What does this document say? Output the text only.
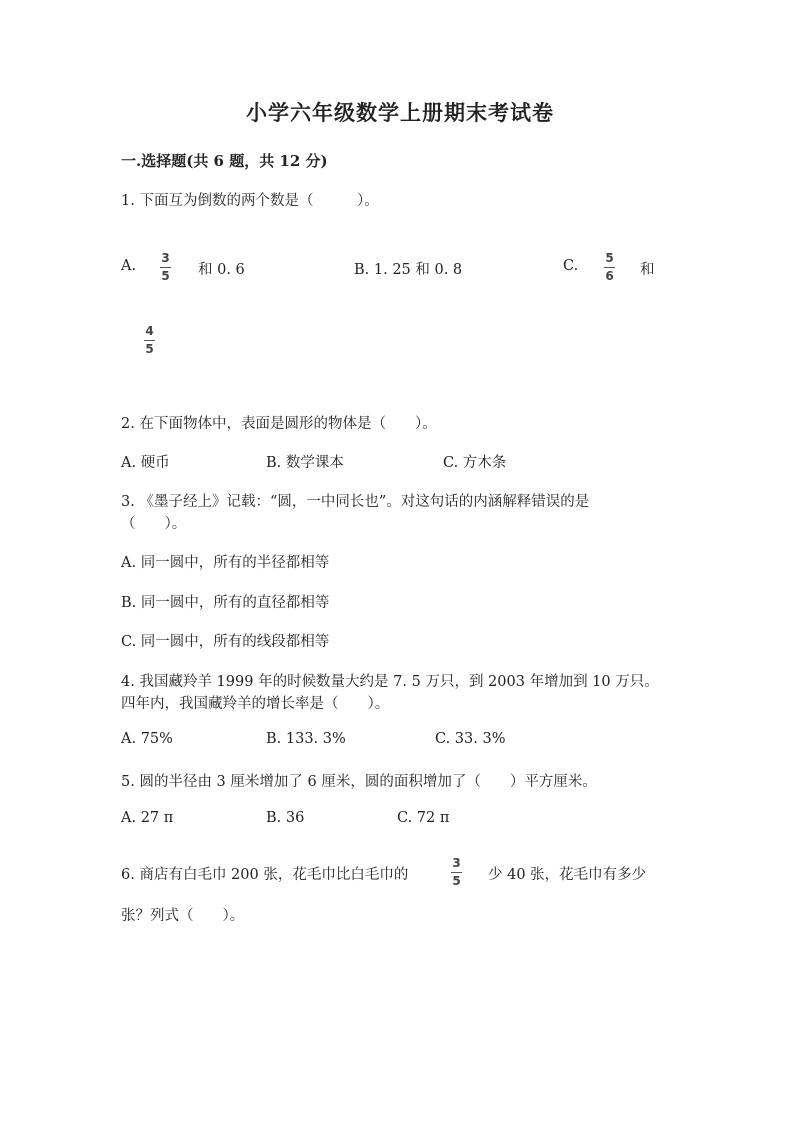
小学六年级数学上册期末考试卷
一.选择题(共 6 题，共 12 分)
1. 下面互为倒数的两个数是（　　　）。
A. 3
5 和 0. 6	B. 1. 25 和 0. 8	C. 5
6 和
4
5
2. 在下面物体中，表面是圆形的物体是（　　）。
A. 硬币	B. 数学课本	C. 方木条
3. 《墨子经上》记载：“圆，一中同长也”。对这句话的内涵解释错误的是
（　　）。
A. 同一圆中，所有的半径都相等
B. 同一圆中，所有的直径都相等
C. 同一圆中，所有的线段都相等
4. 我国藏羚羊 1999 年的时候数量大约是 7. 5 万只，到 2003 年增加到 10 万只。
四年内，我国藏羚羊的增长率是（　　）。
A. 75%	B. 133. 3%	C. 33. 3%
5. 圆的半径由 3 厘米增加了 6 厘米，圆的面积增加了（　　）平方厘米。
A. 27 π	B. 36	C. 72 π
6. 商店有白毛巾 200 张，花毛巾比白毛巾的
3
5 少 40 张，花毛巾有多少
张？列式（　　）。
